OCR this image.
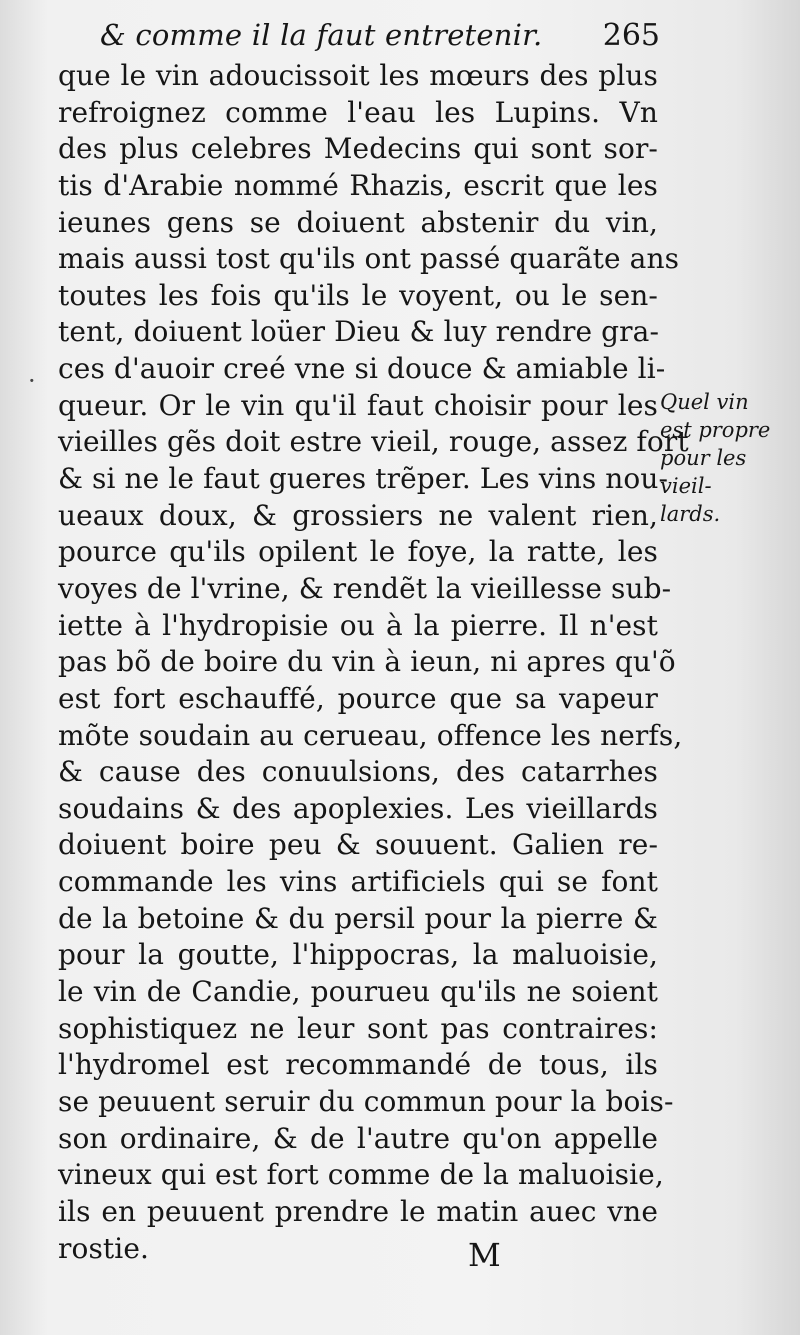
& comme il la faut entretenir. 265
·
que le vin adoucissoit les mœurs des plus
refroignez comme l'eau les Lupins. Vn
des plus celebres Medecins qui sont sor-
tis d'Arabie nommé Rhazis, escrit que les
ieunes gens se doiuent abstenir du vin,
mais aussi tost qu'ils ont passé quarãte ans
toutes les fois qu'ils le voyent, ou le sen-
tent, doiuent loüer Dieu & luy rendre gra-
ces d'auoir creé vne si douce & amiable li-
queur. Or le vin qu'il faut choisir pour les
vieilles gẽs doit estre vieil, rouge, assez fort
& si ne le faut gueres trẽper. Les vins nou-
ueaux doux, & grossiers ne valent rien,
pource qu'ils opilent le foye, la ratte, les
voyes de l'vrine, & rendẽt la vieillesse sub-
iette à l'hydropisie ou à la pierre. Il n'est
pas bõ de boire du vin à ieun, ni apres qu'õ
est fort eschauffé, pource que sa vapeur
mõte soudain au cerueau, offence les nerfs,
& cause des conuulsions, des catarrhes
soudains & des apoplexies. Les vieillards
doiuent boire peu & souuent. Galien re-
commande les vins artificiels qui se font
de la betoine & du persil pour la pierre &
pour la goutte, l'hippocras, la maluoisie,
le vin de Candie, pourueu qu'ils ne soient
sophistiquez ne leur sont pas contraires:
l'hydromel est recommandé de tous, ils
se peuuent seruir du commun pour la bois-
son ordinaire, & de l'autre qu'on appelle
vineux qui est fort comme de la maluoisie,
ils en peuuent prendre le matin auec vne
rostie.
Quel vin
est propre
pour les
vieil-
lards.
M
